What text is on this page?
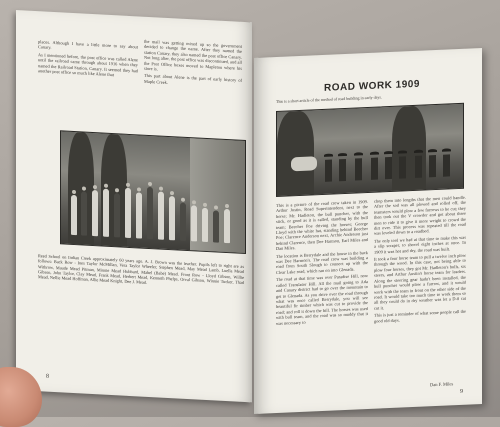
places. Although I have a little more to say about Canary.

As I mentioned before, the post office was called Alene until the railroad came through about 1916 when they named the Railroad Station, Canary. It seemed they had another post office so much like Alene that

the mail was getting mixed up so the government decided to change the name. After they named the station Canary, they also named the post office Canary. Not long after, the post office was discontinued, and all the Post Office boxes moved to Mapleton where his store is.

This part about Alene is the part of early history of Maple Creek.

Reed School on Indian Creek approximately 60 years ago. A. J. Brown was the teacher. Pupils left to right are as follows: Back Row - Ines Taylor McMillan, Vera Taylor Wheeler, Stephen Mead, May Mead Lamb, Luella Mead Withrow, Maude Mead Pitman, Minnie Mead Hubbard, Mabel (Babe) Mead. Front Row - Lloyd Gibson, Willie Gibson, John Taylor, Clay Mead, Frank Mead, Herbert Mead, Kenneth Phelps, Orval Gibson, Winnie Tucker, Thad Mead, Nellie Mead Hoffman, Allie Mead Knight, Dee J. Mead.
8
ROAD WORK 1909
This is a short article of the method of road building in early days.

This is a picture of the road crew taken in 1909. Arthur Justin, Road Superintendent, next to the horse; Mr. Hadleton, the bull puncher, with the stick, or good as it is called, standing by the bull team; Beecher Poe driving the horses; George Lloyd with the white hat, standing behind Beecher Poe; Clarence Anderson next, Archie Anderson just behind Clarence, then Dee Harmon, Earl Miles and Dan Miles.

The location is Berrydale and the house in the back was Dee Harmon's. The road crew was building a road from South Slough to connect up with the Clear Lake road, which ran on into Glenada.

The road at that time was over Paradise Hill, now called Translator Hill. All the mail going to Ada and Canary district had to go over the mountain to get to Glenada. As you drive over the road through what was once called Berrydale, you will see beautiful fir timber which was cut to provide the road; and roll it down the hill. The horses was used with bull team, and the road was so muddy that it was necessary to

chop them into lengths that the men could handle. After the sod was all plowed and rolled off, the teamsters would plow a few furrows to be cut; they then took out the V crowder and got about three men to ride it to give it more weight to crowd the dirt over. This process was repeated till the road was leveled down to a roadbed.

The only tool we had at that time to make this was a slip scraper, to shovel eight inches at once. In 1909 it was hot and dry, the road was built.

It took a four horse team to pull a twelve inch plow through the wood. In this case, not being able to plow four horses, they got Mr. Hadleton's bulls, six steers, and Arthur Austin's horse team for leaders. Along the steering gear hadn't been installed, the bull puncher would plow a furrow, and it would work with the team in front on the other side of the road. It would take too much time to work them so all they could do in dry weather was let a D-8 cat cut it.

This is just a reminder of what some people call the good old days.

Dan F. Miles
9
